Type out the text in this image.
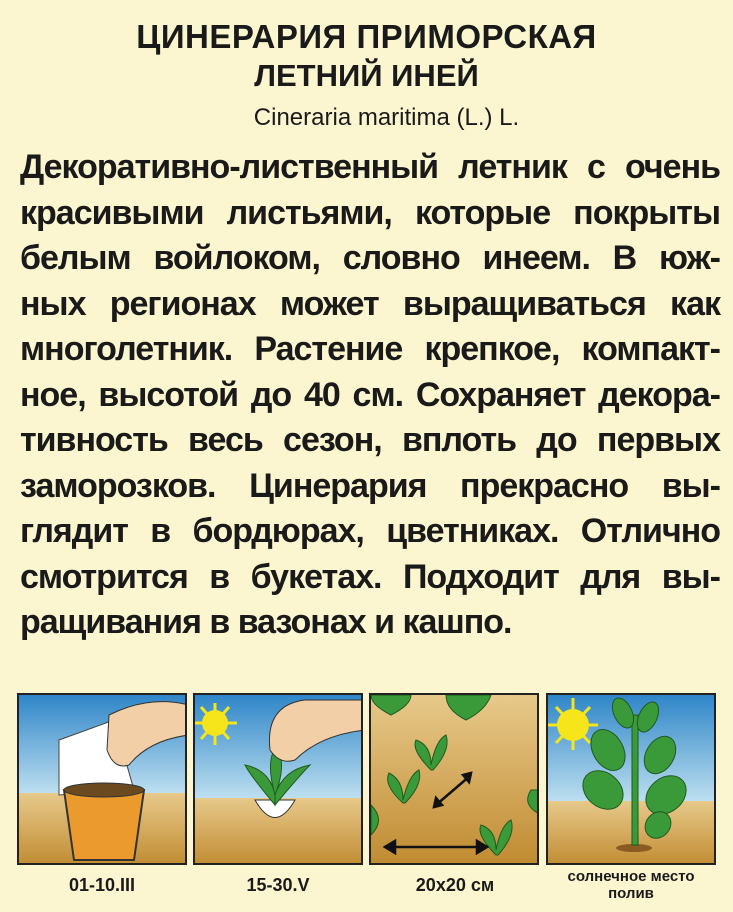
ЦИНЕРАРИЯ ПРИМОРСКАЯ
ЛЕТНИЙ ИНЕЙ
Cineraria maritima (L.) L.
Декоративно-лиственный летник с очень
красивыми листьями, которые покрыты
белым войлоком, словно инеем. В юж-
ных регионах может выращиваться как
многолетник. Растение крепкое, компакт-
ное, высотой до 40 см. Сохраняет декора-
тивность весь сезон, вплоть до первых
заморозков. Цинерария прекрасно вы-
глядит в бордюрах, цветниках. Отлично
смотрится в букетах. Подходит для вы-
ращивания в вазонах и кашпо.
01-10.III	15-30.V	20x20 см	солнечное место
полив
